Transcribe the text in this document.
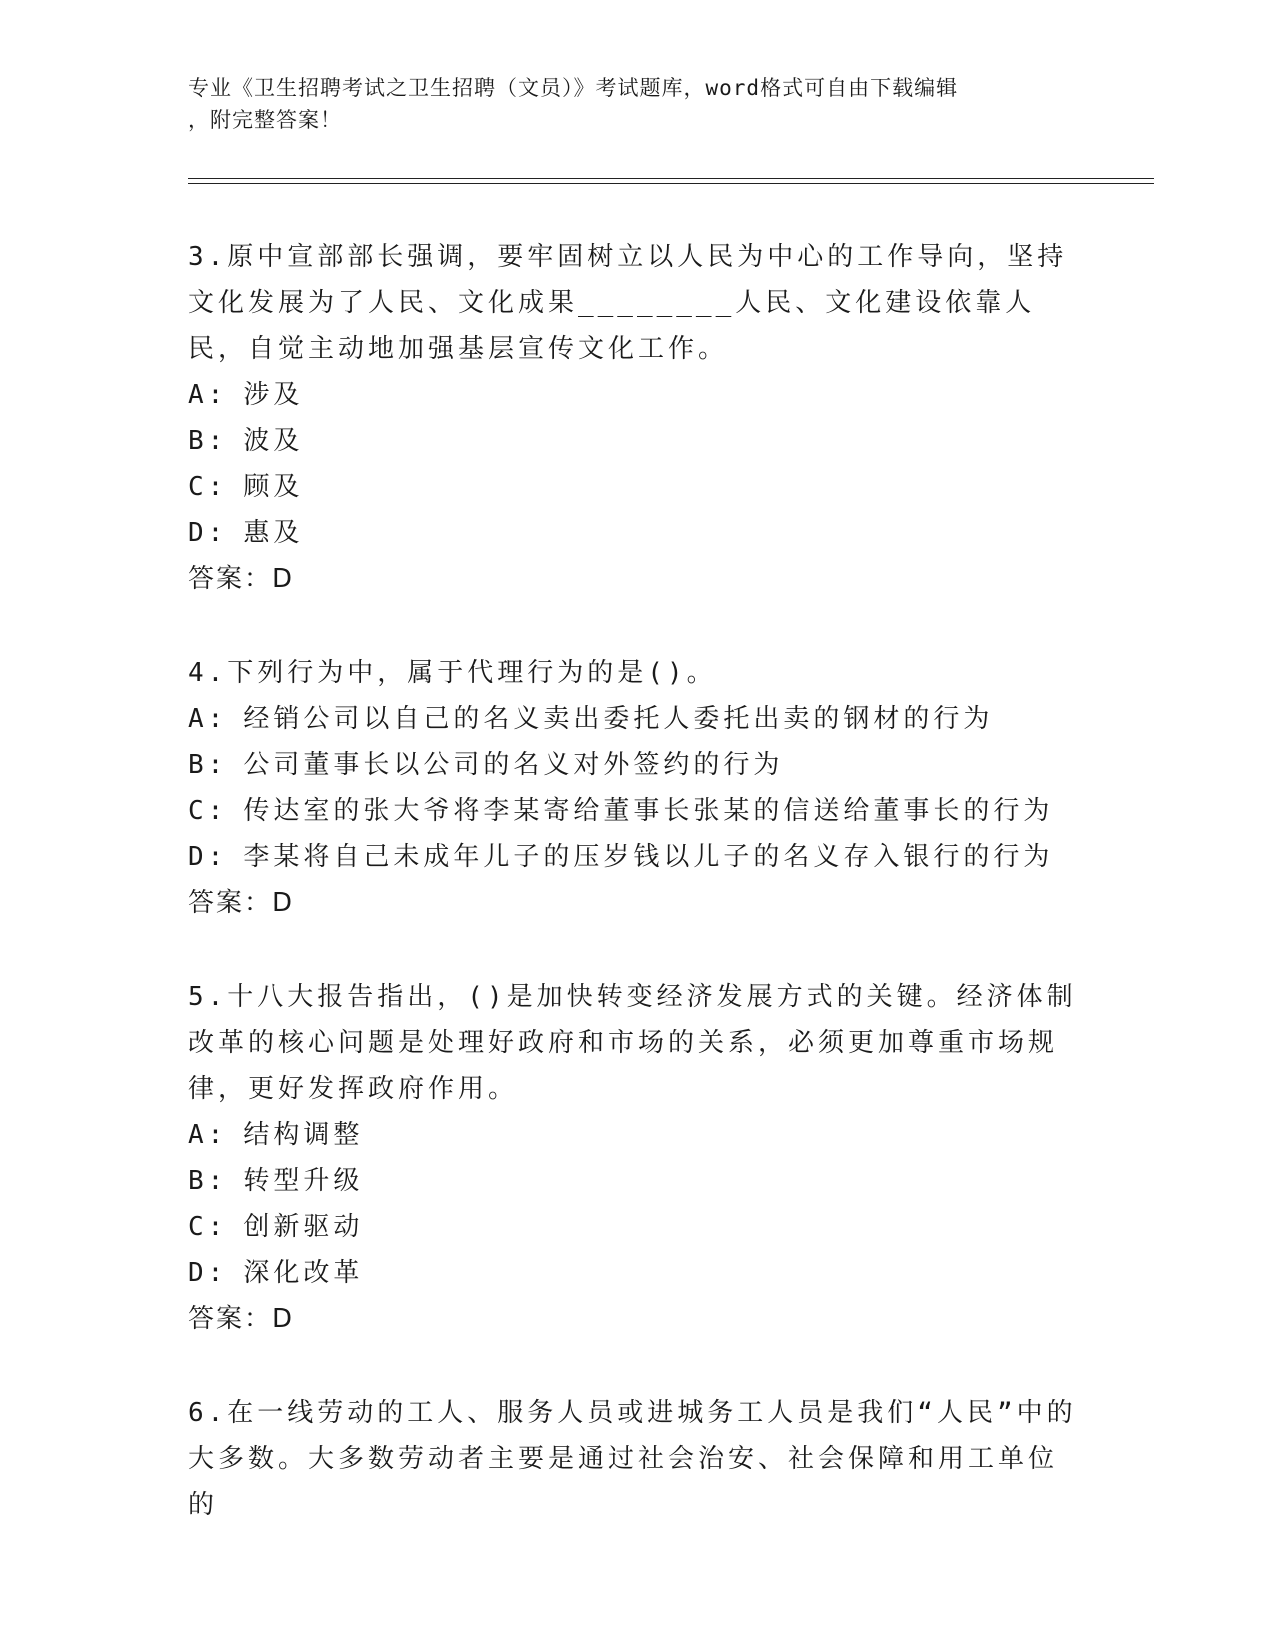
专业《卫生招聘考试之卫生招聘（文员）》考试题库，word格式可自由下载编辑
，附完整答案！
3.原中宣部部长强调，要牢固树立以人民为中心的工作导向，坚持文化发展为了人民、文化成果________人民、文化建设依靠人民，自觉主动地加强基层宣传文化工作。
A: 涉及
B: 波及
C: 顾及
D: 惠及
答案：D
4.下列行为中，属于代理行为的是()。
A: 经销公司以自己的名义卖出委托人委托出卖的钢材的行为
B: 公司董事长以公司的名义对外签约的行为
C: 传达室的张大爷将李某寄给董事长张某的信送给董事长的行为
D: 李某将自己未成年儿子的压岁钱以儿子的名义存入银行的行为
答案：D
5.十八大报告指出，()是加快转变经济发展方式的关键。经济体制改革的核心问题是处理好政府和市场的关系，必须更加尊重市场规律，更好发挥政府作用。
A: 结构调整
B: 转型升级
C: 创新驱动
D: 深化改革
答案：D
6.在一线劳动的工人、服务人员或进城务工人员是我们“人民”中的大多数。大多数劳动者主要是通过社会治安、社会保障和用工单位的
